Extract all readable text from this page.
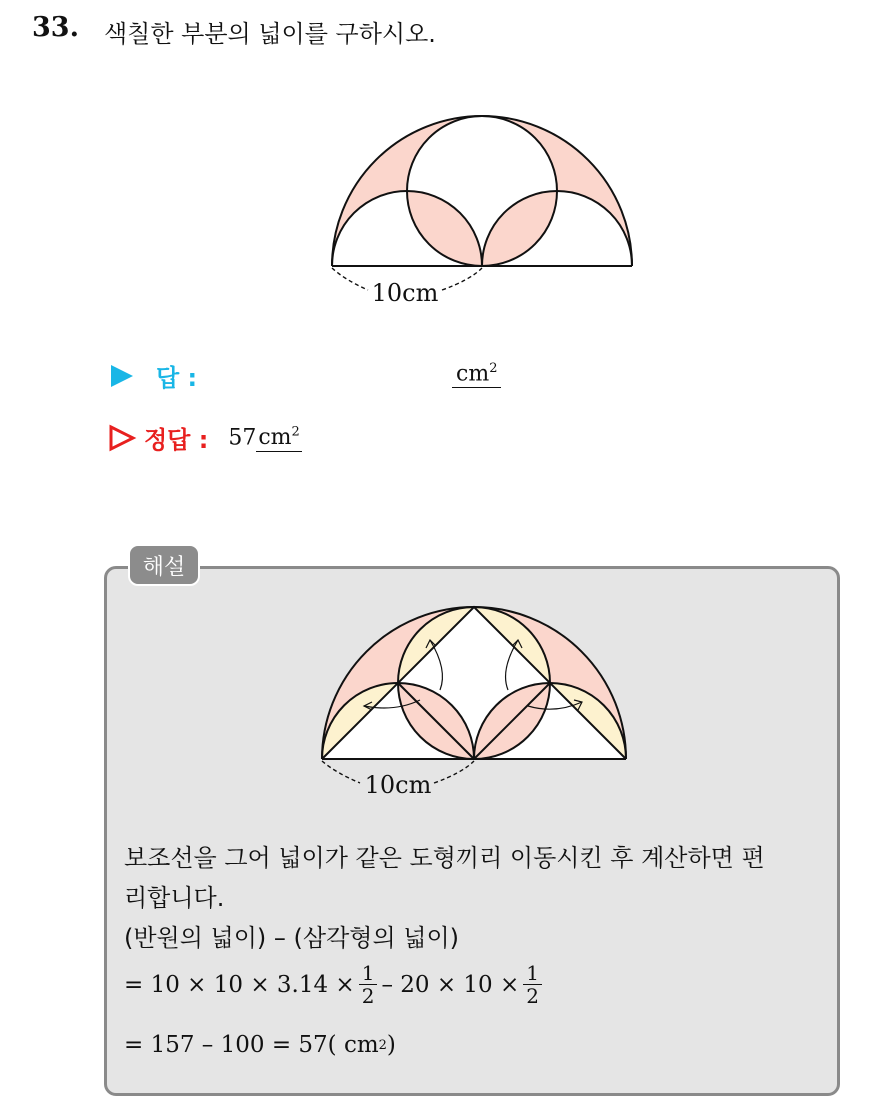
33. 색칠한 부분의 넓이를 구하시오.
10cm
답 :	$cm^2$
정답 : $57cm^2$
해설
10cm
보조선을 그어 넓이가 같은 도형끼리 이동시킨 후 계산하면 편
리합니다.
(반원의 넓이) – (삼각형의 넓이)
= $10 \times 10 \times 3.14 \times \frac{1}{2} - 20 \times 10 \times \frac{1}{2}$
= 157 – 100 = 57( cm 2 )
